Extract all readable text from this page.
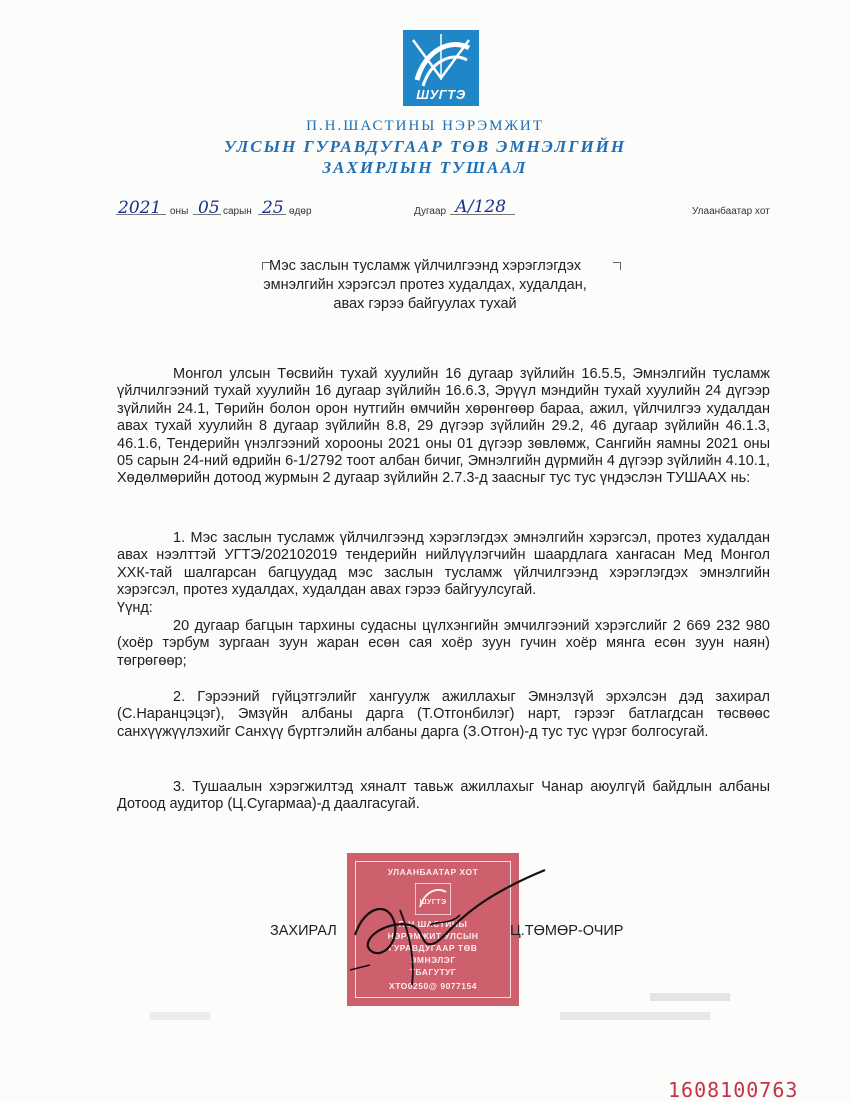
ШУГТЭ
П.Н.ШАСТИНЫ НЭРЭМЖИТ
УЛСЫН ГУРАВДУГААР ТӨВ ЭМНЭЛГИЙН
ЗАХИРЛЫН ТУШААЛ
2021 оны 05 сарын 25 өдөр	Дугаар А/128	Улаанбаатар хот
Мэс заслын тусламж үйлчилгээнд хэрэглэгдэх
эмнэлгийн хэрэгсэл протез худалдах, худалдан,
авах гэрээ байгуулах тухай
Монгол улсын Төсвийн тухай хуулийн 16 дугаар зүйлийн 16.5.5, Эмнэлгийн тусламж үйлчилгээний тухай хуулийн 16 дугаар зүйлийн 16.6.3, Эрүүл мэндийн тухай хуулийн 24 дүгээр зүйлийн 24.1, Төрийн болон орон нутгийн өмчийн хөрөнгөөр бараа, ажил, үйлчилгээ худалдан авах тухай хуулийн 8 дугаар зүйлийн 8.8, 29 дүгээр зүйлийн 29.2, 46 дугаар зүйлийн 46.1.3, 46.1.6, Тендерийн үнэлгээний хорооны 2021 оны 01 дүгээр зөвлөмж, Сангийн яамны 2021 оны 05 сарын 24-ний өдрийн 6-1/2792 тоот албан бичиг, Эмнэлгийн дүрмийн 4 дүгээр зүйлийн 4.10.1, Хөдөлмөрийн дотоод журмын 2 дугаар зүйлийн 2.7.3-д заасныг тус тус үндэслэн ТУШААХ нь:
1. Мэс заслын тусламж үйлчилгээнд хэрэглэгдэх эмнэлгийн хэрэгсэл, протез худалдан авах нээлттэй УГТЭ/202102019 тендерийн нийлүүлэгчийн шаардлага хангасан Мед Монгол ХХК-тай шалгарсан багцуудад мэс заслын тусламж үйлчилгээнд хэрэглэгдэх эмнэлгийн хэрэгсэл, протез худалдах, худалдан авах гэрээ байгуулсугай.
Үүнд:
20 дугаар багцын тархины судасны цүлхэнгийн эмчилгээний хэрэгслийг 2 669 232 980 (хоёр тэрбум зургаан зуун жаран есөн сая хоёр зуун гучин хоёр мянга есөн зуун наян) төгрөгөөр;
2. Гэрээний гүйцэтгэлийг хангуулж ажиллахыг Эмнэлзүй эрхэлсэн дэд захирал (С.Наранцэцэг), Эмзүйн албаны дарга (Т.Отгонбилэг) нарт, гэрээг батлагдсан төсвөөс санхүүжүүлэхийг Санхүү бүртгэлийн албаны дарга (З.Отгон)-д тус тус үүрэг болгосугай.
3. Тушаалын хэрэгжилтэд хяналт тавьж ажиллахыг Чанар аюулгүй байдлын албаны Дотоод аудитор (Ц.Сугармаа)-д даалгасугай.
УЛААНБААТАР ХОТ
ШУГТЭ
П.Н.ШАСТИНЫ
НЭРЭМЖИТ УЛСЫН
ГУРАВДУГААР ТӨВ
ЭМНЭЛЭГ
ТБАГУТУГ
ХТО0250@ 9077154
ЗАХИРАЛ	Ц.ТӨМӨР-ОЧИР
1608100763
